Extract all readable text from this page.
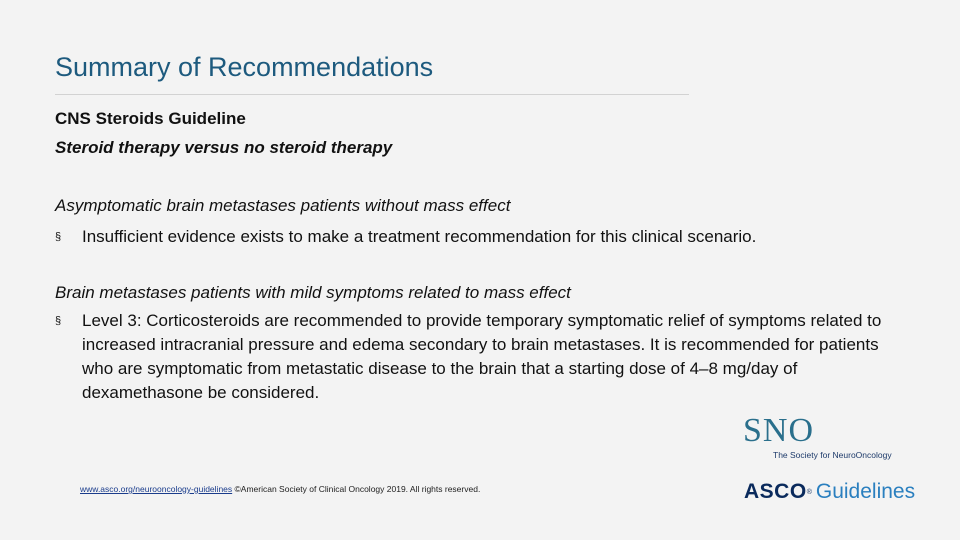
Summary of Recommendations
CNS Steroids Guideline
Steroid therapy versus no steroid therapy
Asymptomatic brain metastases patients without mass effect
§	Insufficient evidence exists to make a treatment recommendation for this clinical scenario.
Brain metastases patients with mild symptoms related to mass effect
§	Level 3: Corticosteroids are recommended to provide temporary symptomatic relief of symptoms related to increased intracranial pressure and edema secondary to brain metastases. It is recommended for patients who are symptomatic from metastatic disease to the brain that a starting dose of 4–8 mg/day of dexamethasone be considered.
SNO
The Society for NeuroOncology
www.asco.org/neurooncology-guidelines ©American Society of Clinical Oncology 2019. All rights reserved.	ASCO ® Guidelines
